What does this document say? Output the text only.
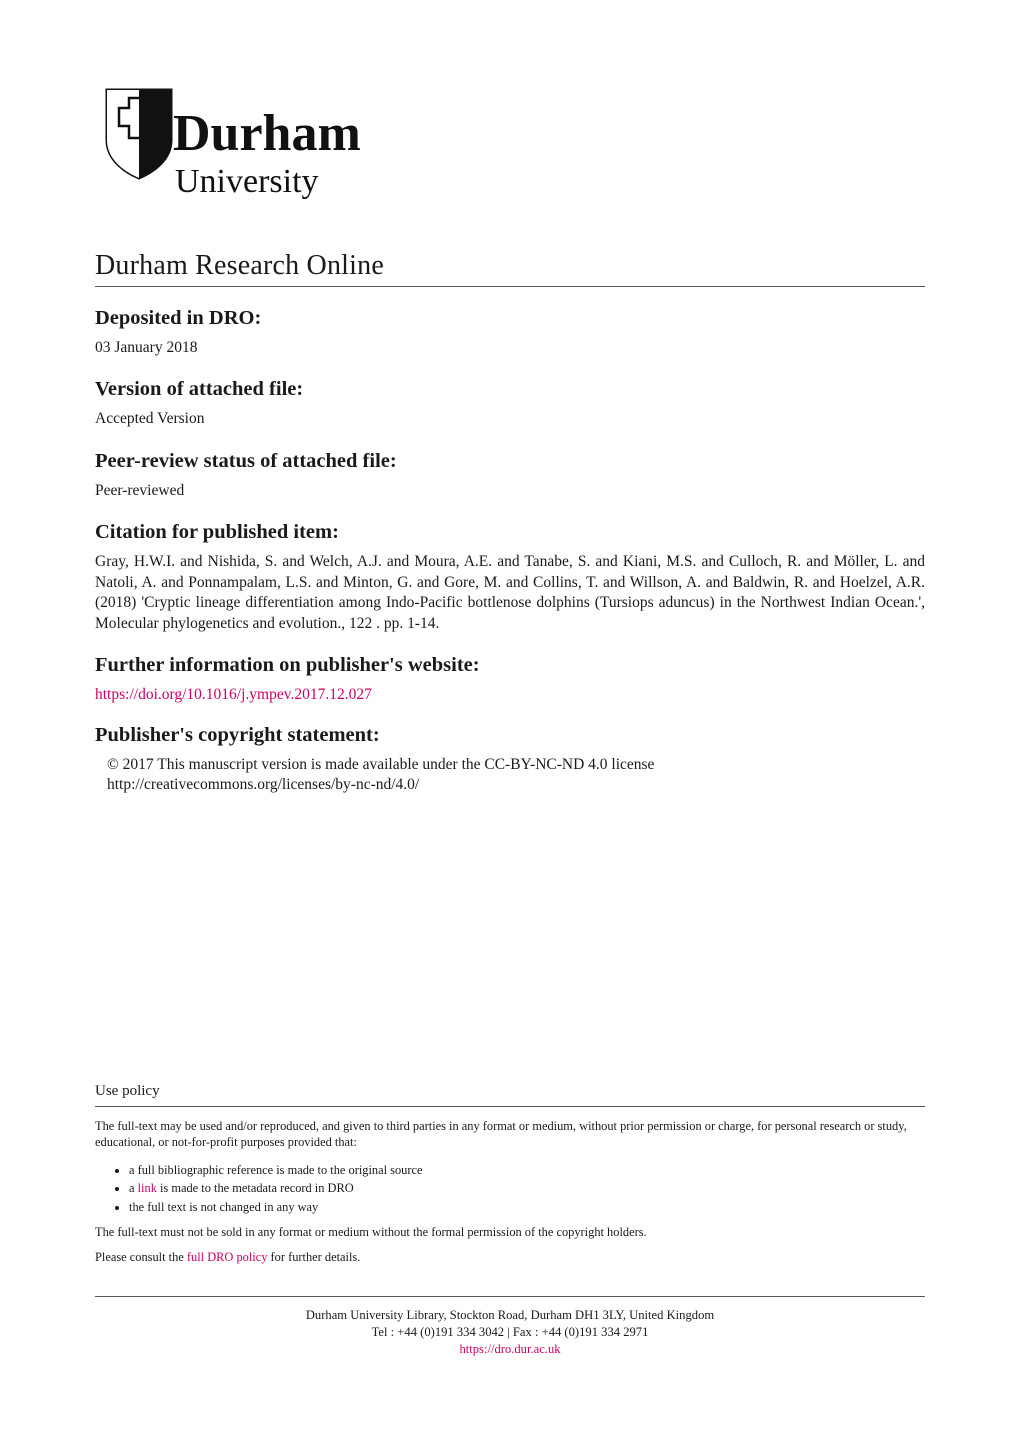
Durham
University
Durham Research Online
Deposited in DRO:

03 January 2018

Version of attached file:

Accepted Version

Peer-review status of attached file:

Peer-reviewed

Citation for published item:

Gray, H.W.I. and Nishida, S. and Welch, A.J. and Moura, A.E. and Tanabe, S. and Kiani, M.S. and Culloch, R. and Möller, L. and Natoli, A. and Ponnampalam, L.S. and Minton, G. and Gore, M. and Collins, T. and Willson, A. and Baldwin, R. and Hoelzel, A.R. (2018) 'Cryptic lineage differentiation among Indo-Pacific bottlenose dolphins (Tursiops aduncus) in the Northwest Indian Ocean.', Molecular phylogenetics and evolution., 122 . pp. 1-14.

Further information on publisher's website:

https://doi.org/10.1016/j.ympev.2017.12.027

Publisher's copyright statement:
© 2017 This manuscript version is made available under the CC-BY-NC-ND 4.0 license
http://creativecommons.org/licenses/by-nc-nd/4.0/
Use policy

The full-text may be used and/or reproduced, and given to third parties in any format or medium, without prior permission or charge, for personal research or study, educational, or not-for-profit purposes provided that:

• a full bibliographic reference is made to the original source
• a link is made to the metadata record in DRO
• the full text is not changed in any way

The full-text must not be sold in any format or medium without the formal permission of the copyright holders.

Please consult the full DRO policy for further details.

Durham University Library, Stockton Road, Durham DH1 3LY, United Kingdom

Tel : +44 (0)191 334 3042 | Fax : +44 (0)191 334 2971

https://dro.dur.ac.uk
